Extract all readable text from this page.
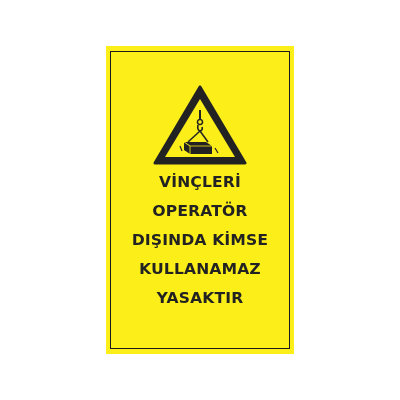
VİNÇLERİ
OPERATÖR
DIŞINDA KİMSE
KULLANAMAZ
YASAKTIR
